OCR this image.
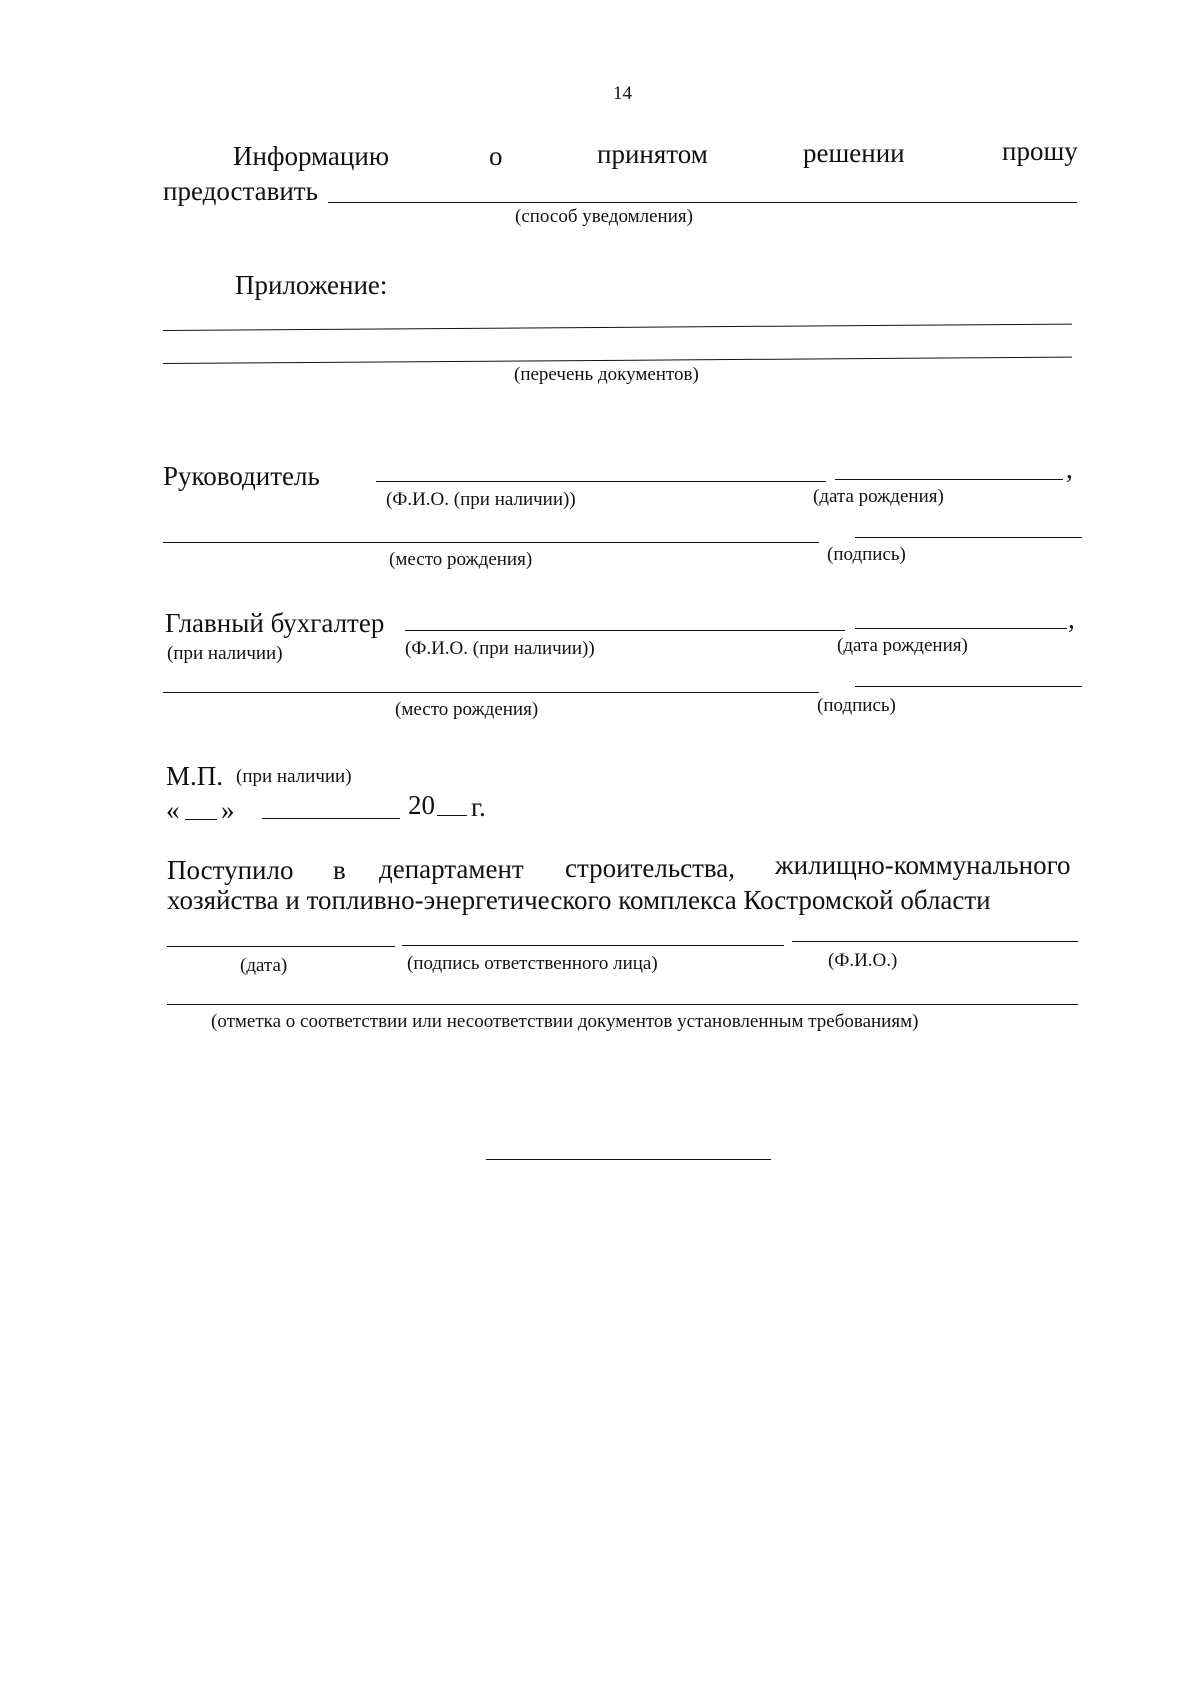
14
Информацию	о	принятом	решении	прошу
предоставить
(способ уведомления)
Приложение:
(перечень документов)
Руководитель	,
(Ф.И.О. (при наличии))	(дата рождения)
(место рождения)	(подпись)
Главный бухгалтер	,
(при наличии)	(Ф.И.О. (при наличии))	(дата рождения)
(место рождения)	(подпись)
М.П. (при наличии)
« »	20 г.
Поступило в департамент строительства, жилищно-коммунального
хозяйства и топливно-энергетического комплекса Костромской области
(дата)	(подпись ответственного лица)	(Ф.И.О.)
(отметка о соответствии или несоответствии документов установленным требованиям)
